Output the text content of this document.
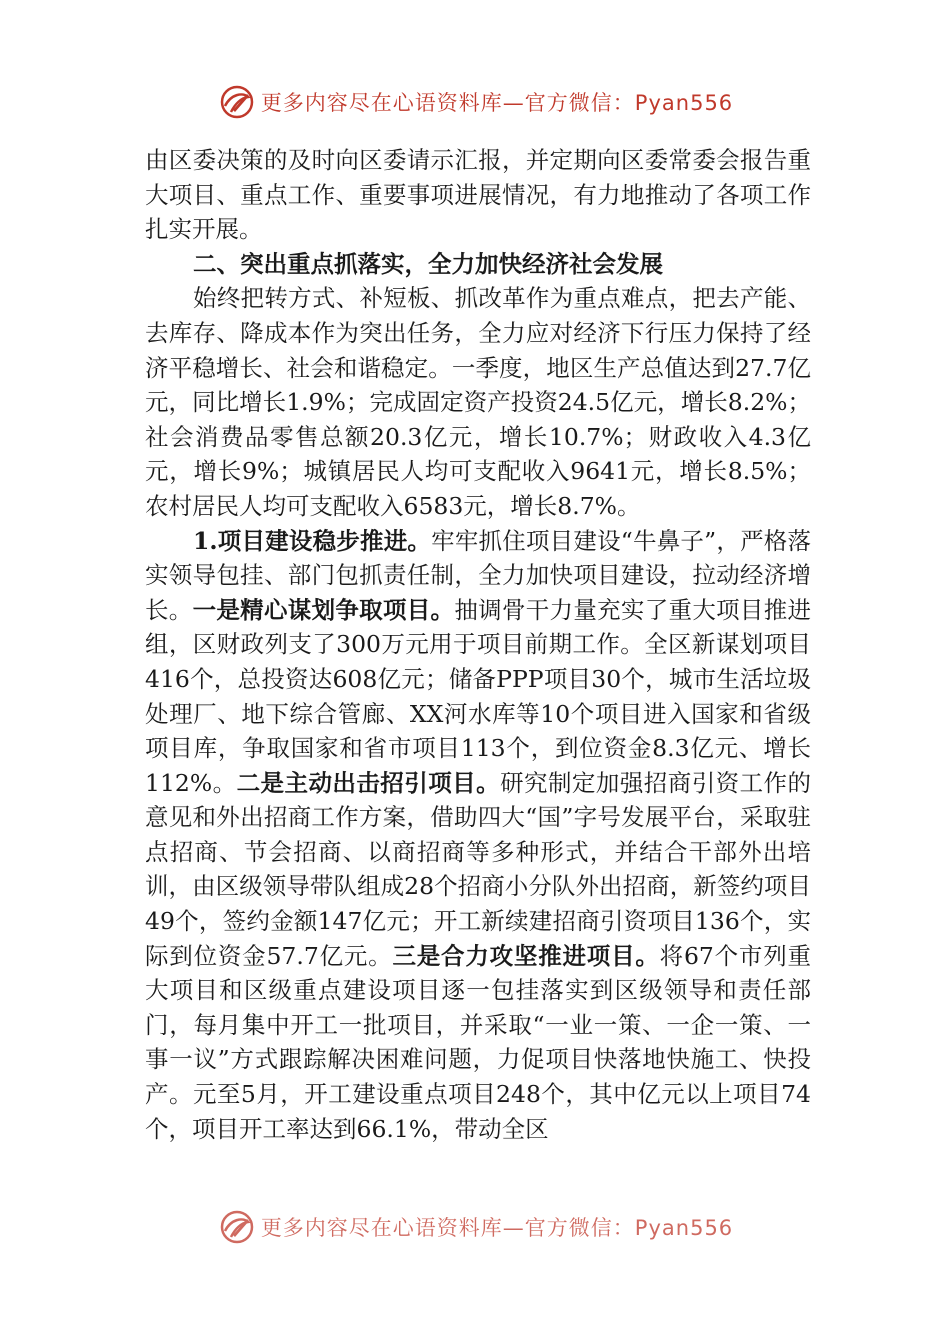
更多内容尽在心语资料库—官方微信：Pyan556

由区委决策的及时向区委请示汇报，并定期向区委常委会报告重大项目、重点工作、重要事项进展情况，有力地推动了各项工作扎实开展。

二、突出重点抓落实，全力加快经济社会发展

始终把转方式、补短板、抓改革作为重点难点，把去产能、去库存、降成本作为突出任务，全力应对经济下行压力保持了经济平稳增长、社会和谐稳定。一季度，地区生产总值达到27.7亿元，同比增长1.9%；完成固定资产投资24.5亿元，增长8.2%；社会消费品零售总额20.3亿元，增长10.7%；财政收入4.3亿元，增长9%；城镇居民人均可支配收入9641元，增长8.5%；农村居民人均可支配收入6583元，增长8.7%。

1.项目建设稳步推进。牢牢抓住项目建设“牛鼻子”，严格落实领导包挂、部门包抓责任制，全力加快项目建设，拉动经济增长。一是精心谋划争取项目。抽调骨干力量充实了重大项目推进组，区财政列支了300万元用于项目前期工作。全区新谋划项目416个，总投资达608亿元；储备PPP项目30个，城市生活垃圾处理厂、地下综合管廊、XX河水库等10个项目进入国家和省级项目库，争取国家和省市项目113个，到位资金8.3亿元、增长112%。二是主动出击招引项目。研究制定加强招商引资工作的意见和外出招商工作方案，借助四大“国”字号发展平台，采取驻点招商、节会招商、以商招商等多种形式，并结合干部外出培训，由区级领导带队组成28个招商小分队外出招商，新签约项目49个，签约金额147亿元；开工新续建招商引资项目136个，实际到位资金57.7亿元。三是合力攻坚推进项目。将67个市列重大项目和区级重点建设项目逐一包挂落实到区级领导和责任部门，每月集中开工一批项目，并采取“一业一策、一企一策、一事一议”方式跟踪解决困难问题，力促项目快落地快施工、快投产。元至5月，开工建设重点项目248个，其中亿元以上项目74个，项目开工率达到66.1%，带动全区

更多内容尽在心语资料库—官方微信：Pyan556
